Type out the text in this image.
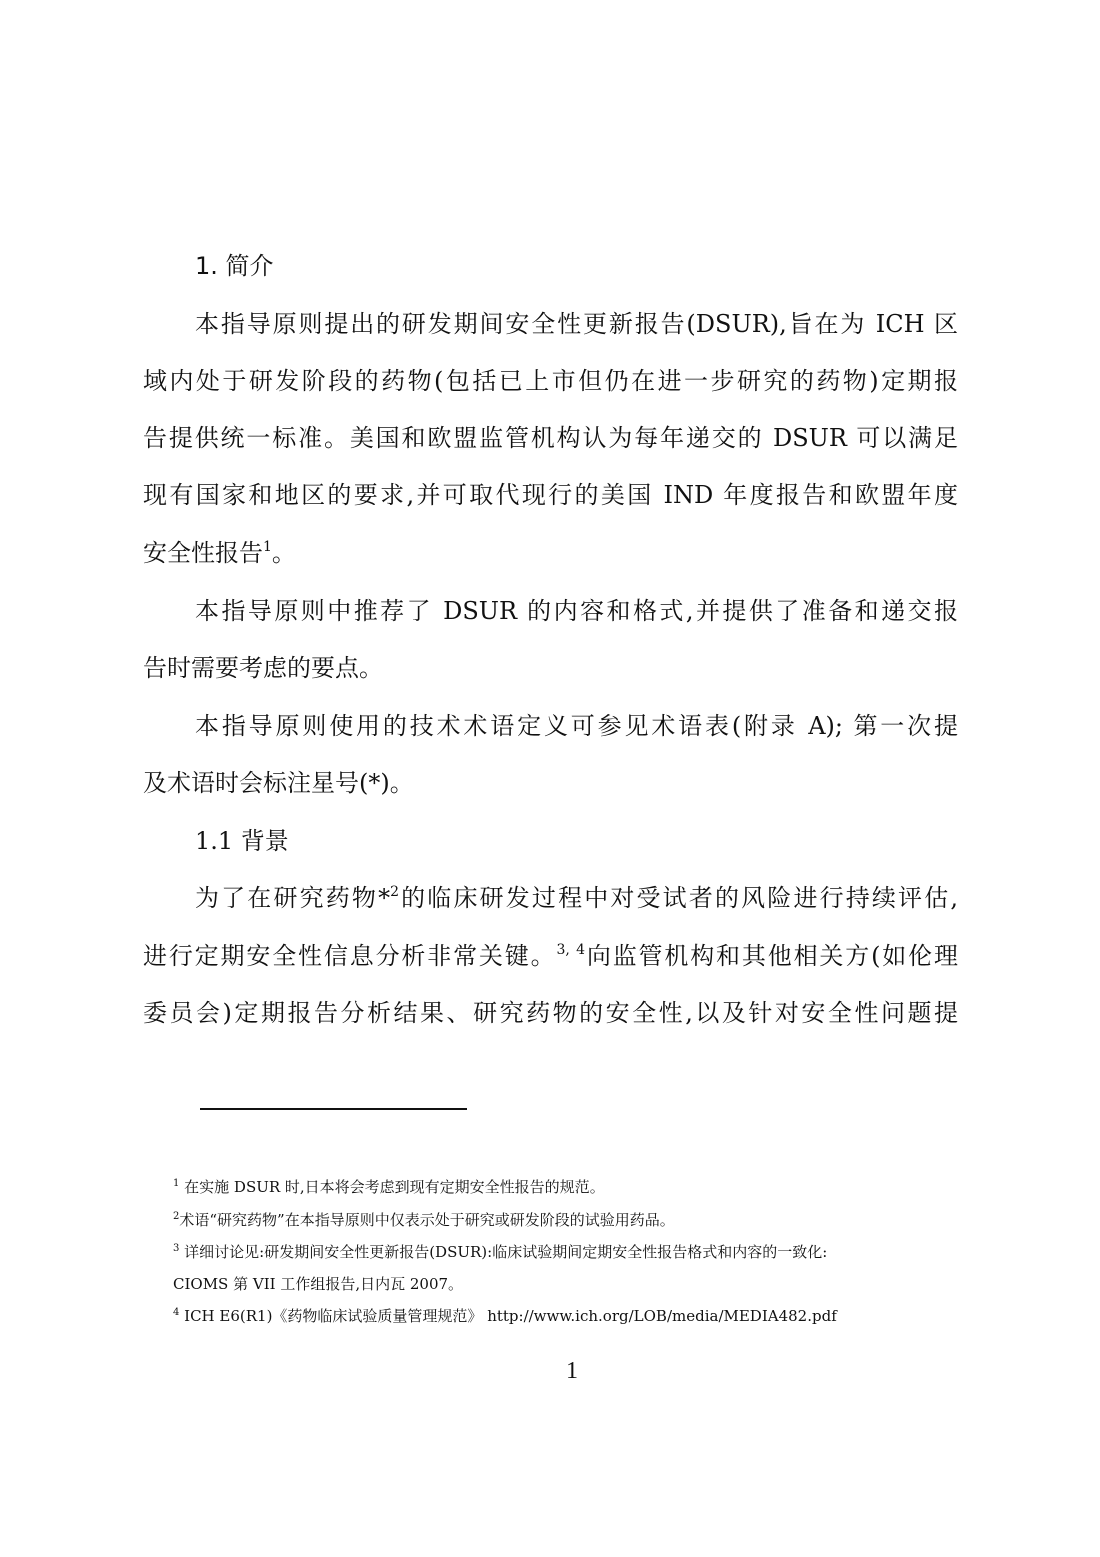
1. 简介
本指导原则提出的研发期间安全性更新报告(DSUR),旨在为 ICH 区
域内处于研发阶段的药物(包括已上市但仍在进一步研究的药物)定期报
告提供统一标准。美国和欧盟监管机构认为每年递交的 DSUR 可以满足
现有国家和地区的要求,并可取代现行的美国 IND 年度报告和欧盟年度
安全性报告$^1$。
本指导原则中推荐了 DSUR 的内容和格式,并提供了准备和递交报
告时需要考虑的要点。
本指导原则使用的技术术语定义可参见术语表(附录 A); 第一次提
及术语时会标注星号(*)。
1.1 背景
为了在研究药物*$^2$的临床研发过程中对受试者的风险进行持续评估,
进行定期安全性信息分析非常关键。$^{3, 4}$向监管机构和其他相关方(如伦理
委员会)定期报告分析结果、研究药物的安全性,以及针对安全性问题提
$^1$ 在实施 DSUR 时,日本将会考虑到现有定期安全性报告的规范。
$^2$术语“研究药物”在本指导原则中仅表示处于研究或研发阶段的试验用药品。
$^3$ 详细讨论见:研发期间安全性更新报告(DSUR):临床试验期间定期安全性报告格式和内容的一致化:
CIOMS 第 VII 工作组报告,日内瓦 2007。
$^4$ ICH E6(R1)《药物临床试验质量管理规范》 http://www.ich.org/LOB/media/MEDIA482.pdf
1
